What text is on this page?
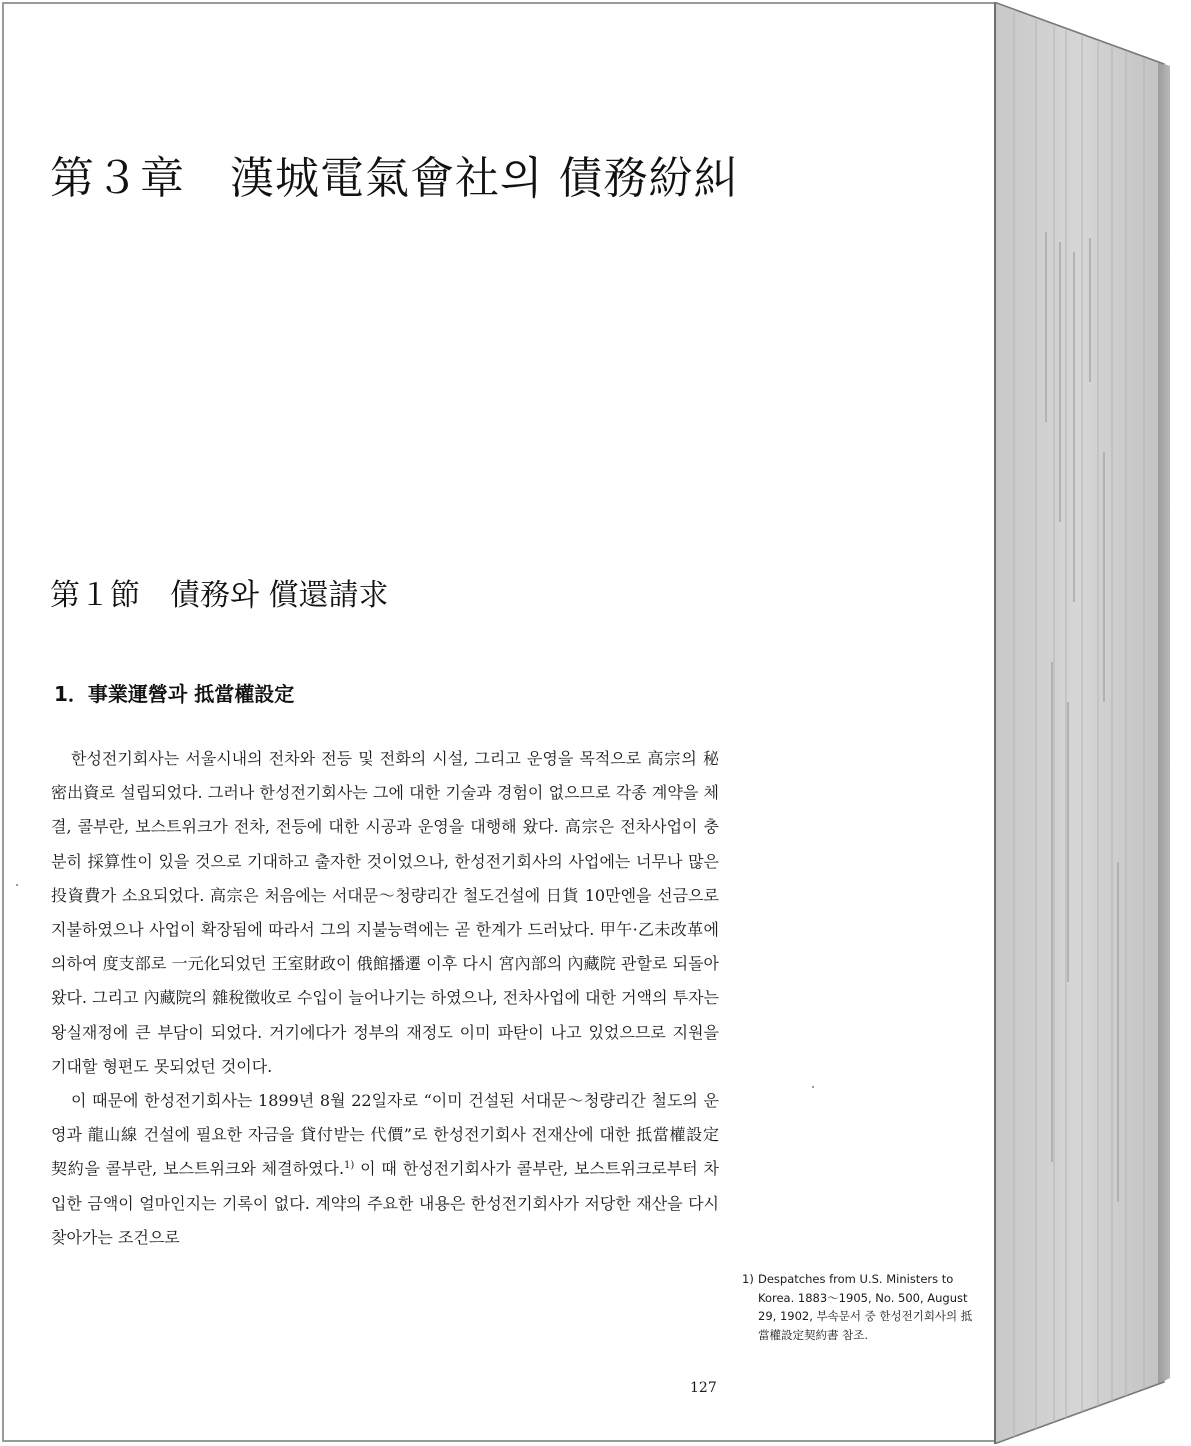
第３章　漢城電氣會社의 債務紛糾
第１節　債務와 償還請求
1．事業運營과 抵當權設定

한성전기회사는 서울시내의 전차와 전등 및 전화의 시설, 그리고 운영을 목적으로 高宗의 秘密出資로 설립되었다. 그러나 한성전기회사는 그에 대한 기술과 경험이 없으므로 각종 계약을 체결, 콜부란, 보스트위크가 전차, 전등에 대한 시공과 운영을 대행해 왔다. 高宗은 전차사업이 충분히 採算性이 있을 것으로 기대하고 출자한 것이었으나, 한성전기회사의 사업에는 너무나 많은 投資費가 소요되었다. 高宗은 처음에는 서대문～청량리간 철도건설에 日貨 10만엔을 선금으로 지불하였으나 사업이 확장됨에 따라서 그의 지불능력에는 곧 한계가 드러났다. 甲午·乙未改革에 의하여 度支部로 一元化되었던 王室財政이 俄館播遷 이후 다시 宮內部의 內藏院 관할로 되돌아왔다. 그리고 內藏院의 雜稅徵收로 수입이 늘어나기는 하였으나, 전차사업에 대한 거액의 투자는 왕실재정에 큰 부담이 되었다. 거기에다가 정부의 재정도 이미 파탄이 나고 있었으므로 지원을 기대할 형편도 못되었던 것이다.

이 때문에 한성전기회사는 1899년 8월 22일자로 “이미 건설된 서대문～청량리간 철도의 운영과 龍山線 건설에 필요한 자금을 貸付받는 代價”로 한성전기회사 전재산에 대한 抵當權設定契約을 콜부란, 보스트위크와 체결하였다.$^{1)}$ 이 때 한성전기회사가 콜부란, 보스트위크로부터 차입한 금액이 얼마인지는 기록이 없다. 계약의 주요한 내용은 한성전기회사가 저당한 재산을 다시 찾아가는 조건으로

1) Despatches from U.S. Ministers to Korea. 1883～1905, No. 500, August 29, 1902, 부속문서 중 한성전기회사의 抵當權設定契約書 참조.
127
